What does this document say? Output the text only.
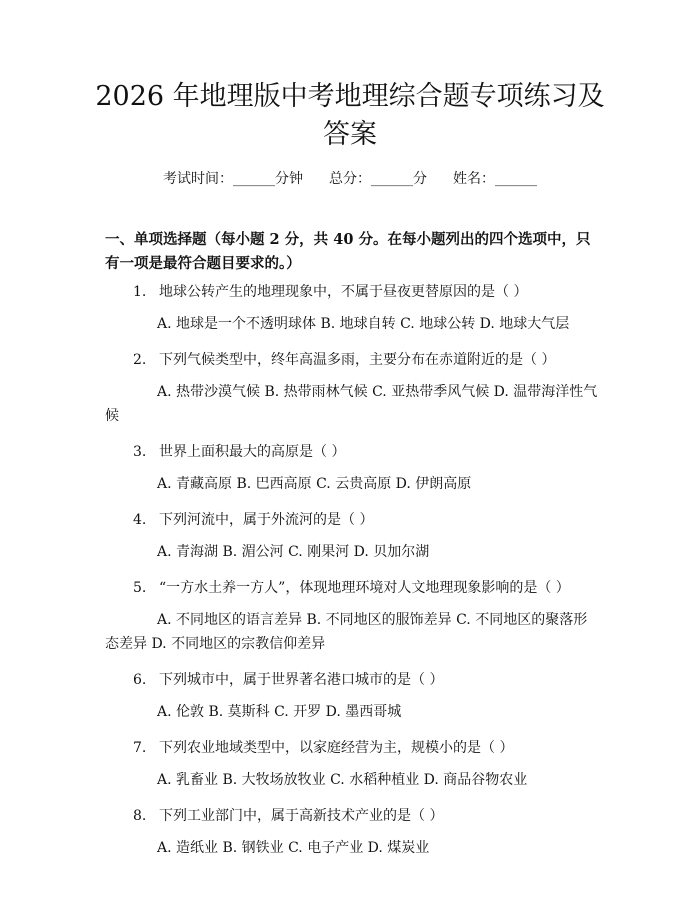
2026 年地理版中考地理综合题专项练习及答案
考试时间：______分钟 总分：______分 姓名：______

一、单项选择题（每小题 2 分，共 40 分。在每小题列出的四个选项中，只有一项是最符合题目要求的。）

1. 地球公转产生的地理现象中，不属于昼夜更替原因的是（ ）
A. 地球是一个不透明球体 B. 地球自转 C. 地球公转 D. 地球大气层
2. 下列气候类型中，终年高温多雨，主要分布在赤道附近的是（ ）
A. 热带沙漠气候 B. 热带雨林气候 C. 亚热带季风气候 D. 温带海洋性气候
3. 世界上面积最大的高原是（ ）
A. 青藏高原 B. 巴西高原 C. 云贵高原 D. 伊朗高原
4. 下列河流中，属于外流河的是（ ）
A. 青海湖 B. 湄公河 C. 刚果河 D. 贝加尔湖
5. “一方水土养一方人”，体现地理环境对人文地理现象影响的是（ ）
A. 不同地区的语言差异 B. 不同地区的服饰差异 C. 不同地区的聚落形态差异 D. 不同地区的宗教信仰差异
6. 下列城市中，属于世界著名港口城市的是（ ）
A. 伦敦 B. 莫斯科 C. 开罗 D. 墨西哥城
7. 下列农业地域类型中，以家庭经营为主，规模小的是（ ）
A. 乳畜业 B. 大牧场放牧业 C. 水稻种植业 D. 商品谷物农业
8. 下列工业部门中，属于高新技术产业的是（ ）
A. 造纸业 B. 钢铁业 C. 电子产业 D. 煤炭业
